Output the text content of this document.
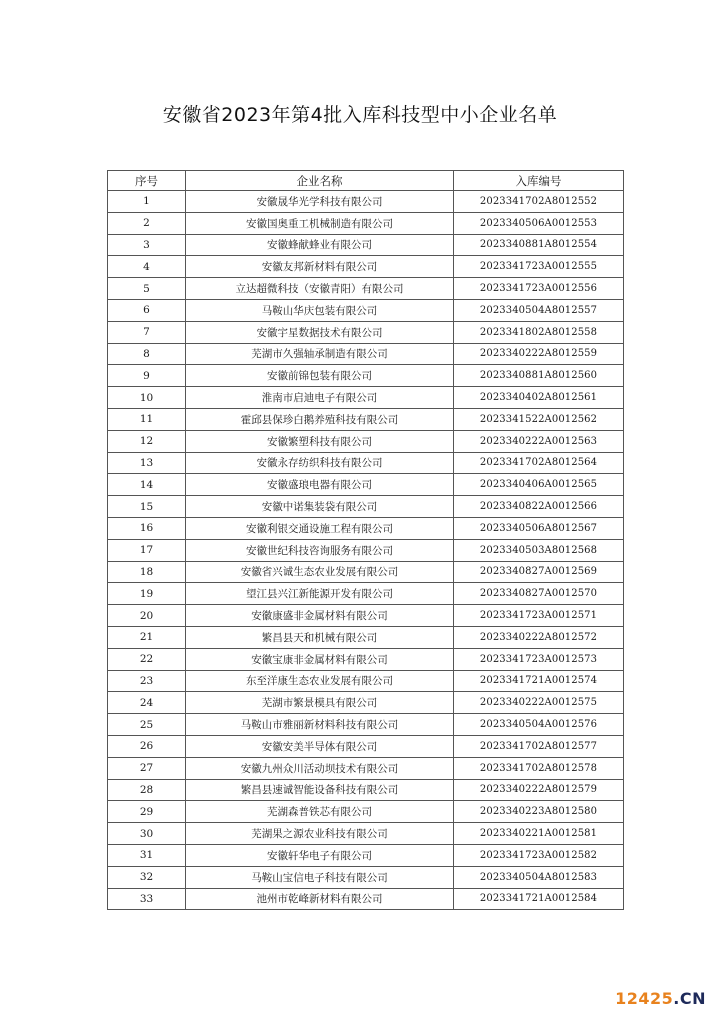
安徽省2023年第4批入库科技型中小企业名单
序号	企业名称	入库编号
1	安徽晟华光学科技有限公司	2023341702A8012552
2	安徽国奥重工机械制造有限公司	2023340506A0012553
3	安徽蜂献蜂业有限公司	2023340881A8012554
4	安徽友邦新材料有限公司	2023341723A0012555
5	立达超微科技（安徽青阳）有限公司	2023341723A0012556
6	马鞍山华庆包装有限公司	2023340504A8012557
7	安徽宇星数据技术有限公司	2023341802A8012558
8	芜湖市久强轴承制造有限公司	2023340222A8012559
9	安徽前锦包装有限公司	2023340881A8012560
10	淮南市启迪电子有限公司	2023340402A8012561
11	霍邱县保珍白鹅养殖科技有限公司	2023341522A0012562
12	安徽繁塑科技有限公司	2023340222A0012563
13	安徽永存纺织科技有限公司	2023341702A8012564
14	安徽盛琅电器有限公司	2023340406A0012565
15	安徽中诺集装袋有限公司	2023340822A0012566
16	安徽利银交通设施工程有限公司	2023340506A8012567
17	安徽世纪科技咨询服务有限公司	2023340503A8012568
18	安徽省兴诚生态农业发展有限公司	2023340827A0012569
19	望江县兴江新能源开发有限公司	2023340827A0012570
20	安徽康盛非金属材料有限公司	2023341723A0012571
21	繁昌县天和机械有限公司	2023340222A8012572
22	安徽宝康非金属材料有限公司	2023341723A0012573
23	东至洋康生态农业发展有限公司	2023341721A0012574
24	芜湖市繁景模具有限公司	2023340222A0012575
25	马鞍山市雅丽新材料科技有限公司	2023340504A0012576
26	安徽安美半导体有限公司	2023341702A8012577
27	安徽九州众川活动坝技术有限公司	2023341702A8012578
28	繁昌县速诚智能设备科技有限公司	2023340222A8012579
29	芜湖森普铁芯有限公司	2023340223A8012580
30	芜湖果之源农业科技有限公司	2023340221A0012581
31	安徽轩华电子有限公司	2023341723A0012582
32	马鞍山宝信电子科技有限公司	2023340504A8012583
33	池州市乾峰新材料有限公司	2023341721A0012584
12425.CN
